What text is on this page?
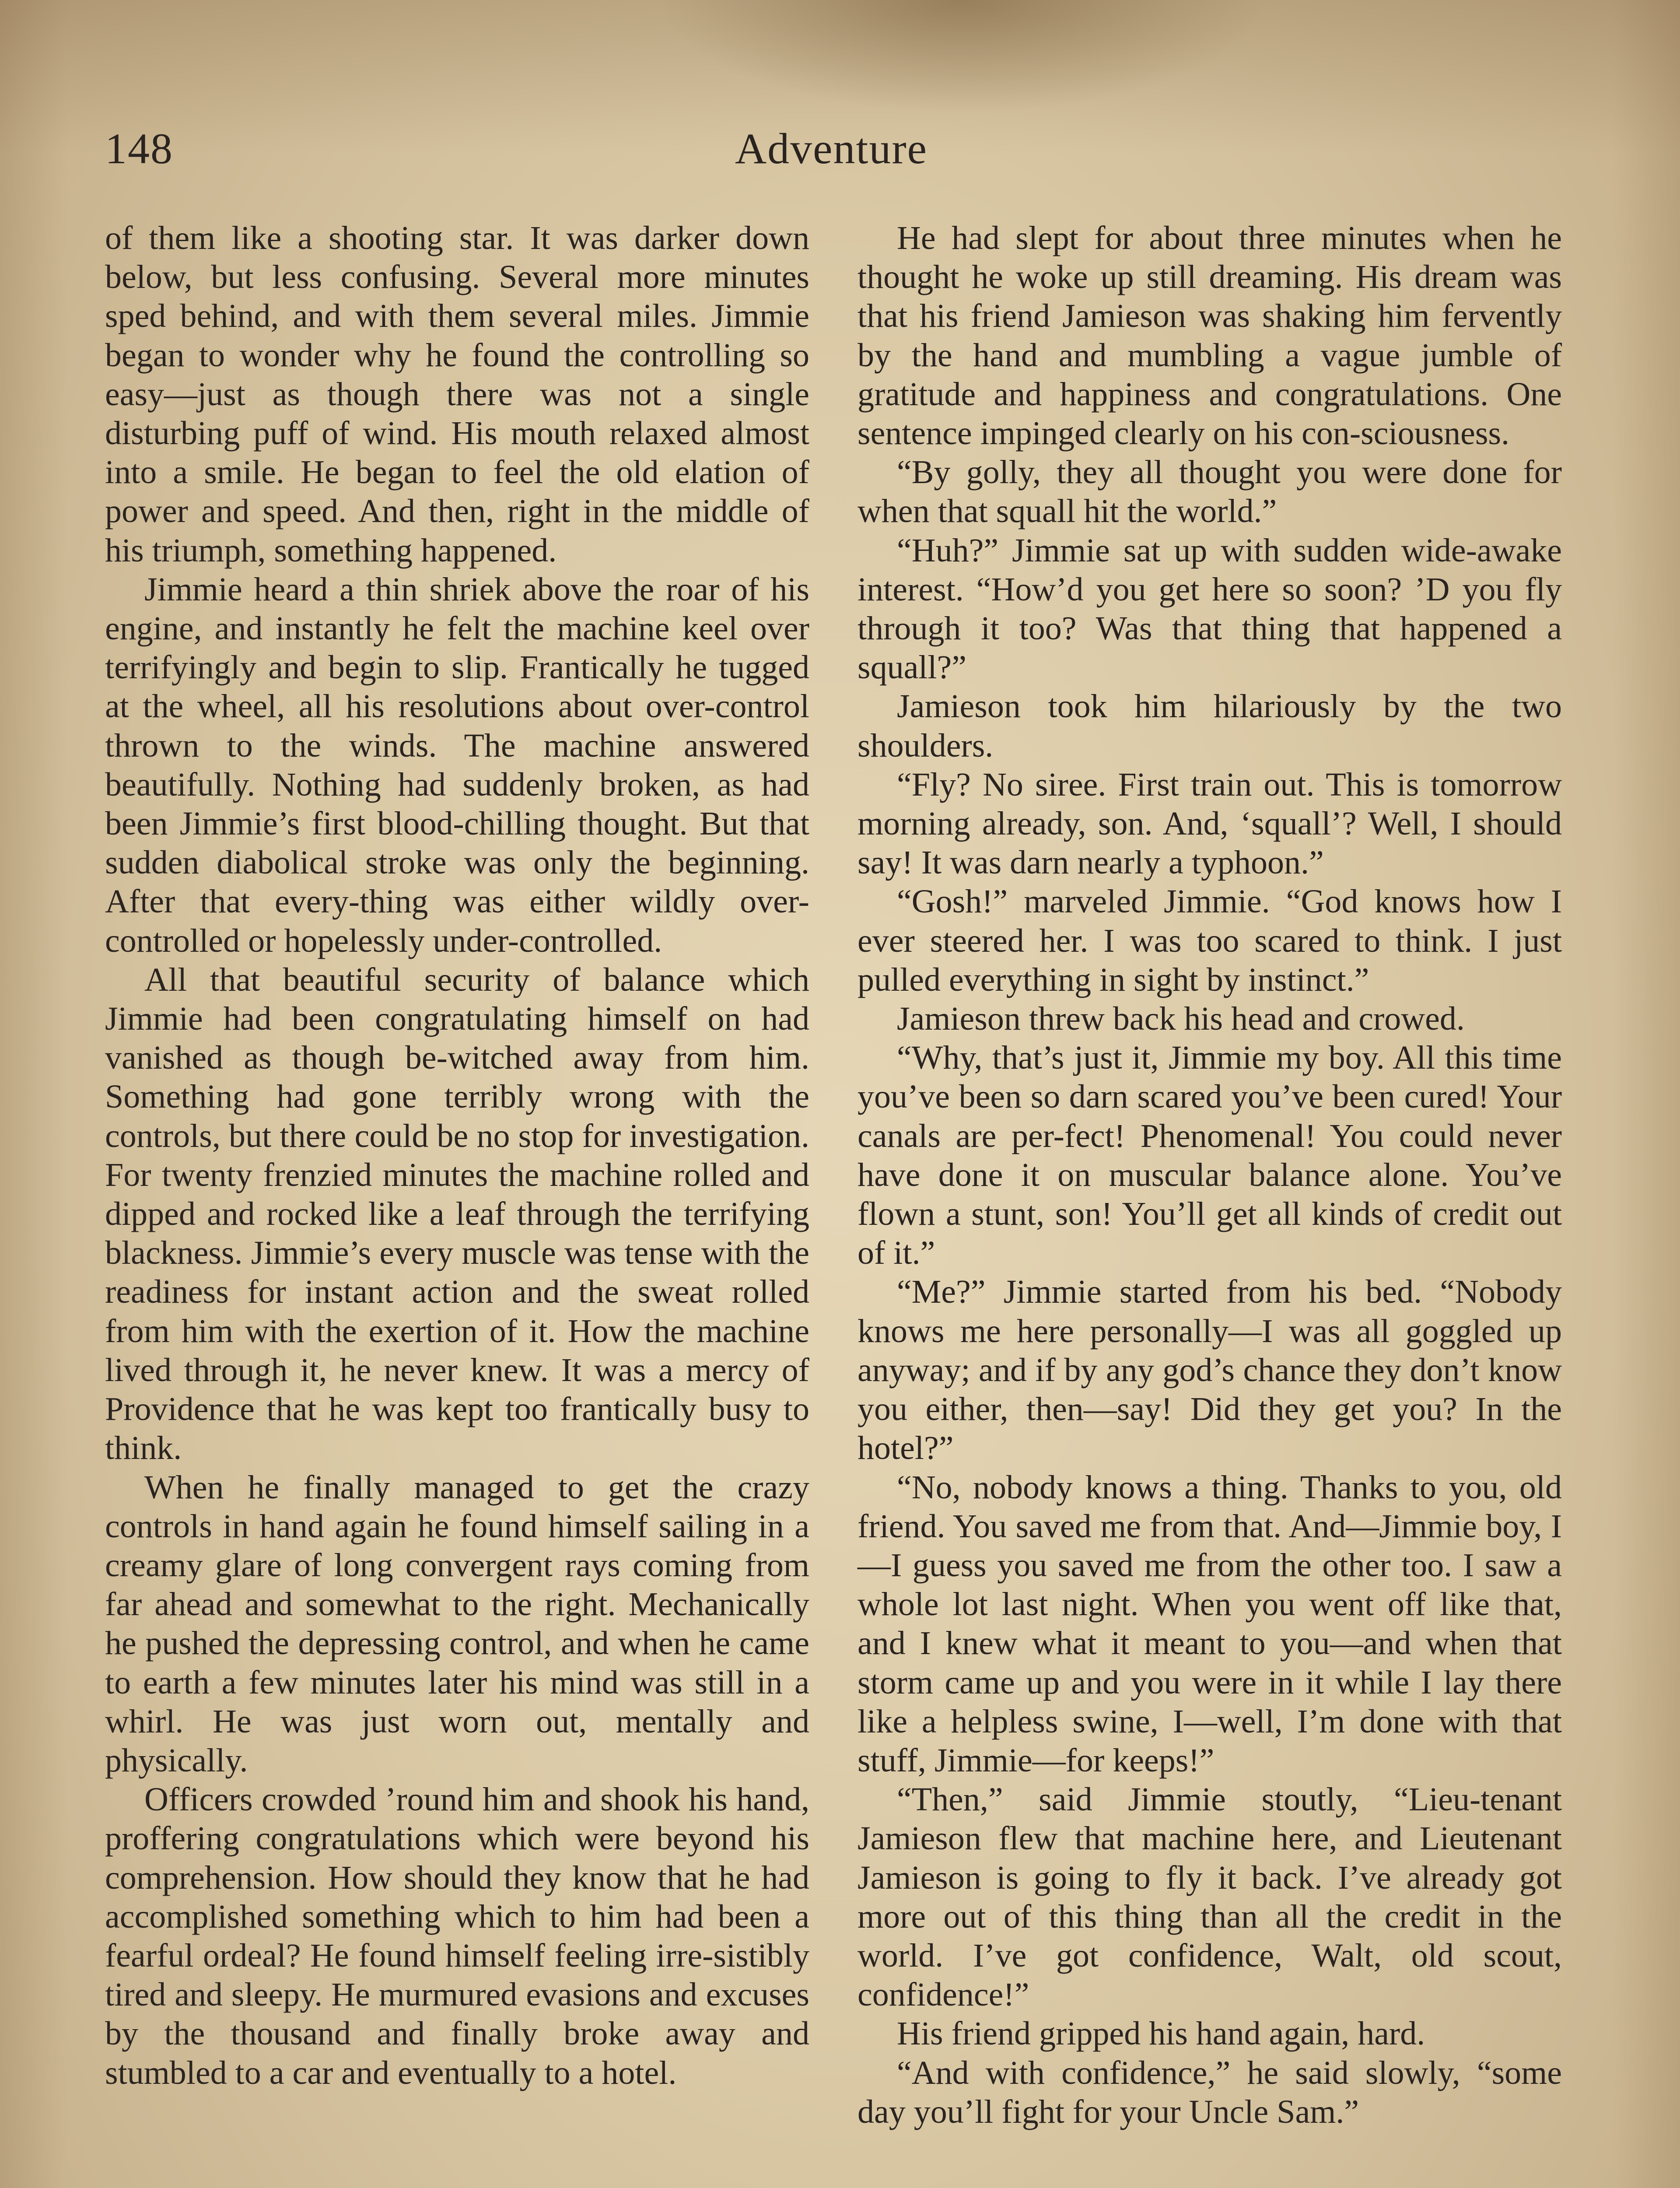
148	Adventure

of them like a shooting star. It was darker down below, but less confusing. Several more minutes sped behind, and with them several miles. Jimmie began to wonder why he found the controlling so easy—just as though there was not a single disturbing puff of wind. His mouth relaxed almost into a smile. He began to feel the old elation of power and speed. And then, right in the middle of his triumph, something happened.

Jimmie heard a thin shriek above the roar of his engine, and instantly he felt the machine keel over terrifyingly and begin to slip. Frantically he tugged at the wheel, all his resolutions about over-control thrown to the winds. The machine answered beautifully. Nothing had suddenly broken, as had been Jimmie’s first blood-chilling thought. But that sudden diabolical stroke was only the beginning. After that every-thing was either wildly over-controlled or hopelessly under-controlled.

All that beautiful security of balance which Jimmie had been congratulating himself on had vanished as though be-witched away from him. Something had gone terribly wrong with the controls, but there could be no stop for investigation. For twenty frenzied minutes the machine rolled and dipped and rocked like a leaf through the terrifying blackness. Jimmie’s every muscle was tense with the readiness for instant action and the sweat rolled from him with the exertion of it. How the machine lived through it, he never knew. It was a mercy of Providence that he was kept too frantically busy to think.

When he finally managed to get the crazy controls in hand again he found himself sailing in a creamy glare of long convergent rays coming from far ahead and somewhat to the right. Mechanically he pushed the depressing control, and when he came to earth a few minutes later his mind was still in a whirl. He was just worn out, mentally and physically.

Officers crowded ’round him and shook his hand, proffering congratulations which were beyond his comprehension. How should they know that he had accomplished something which to him had been a fearful ordeal? He found himself feeling irre-sistibly tired and sleepy. He murmured evasions and excuses by the thousand and finally broke away and stumbled to a car and eventually to a hotel.

He had slept for about three minutes when he thought he woke up still dreaming. His dream was that his friend Jamieson was shaking him fervently by the hand and mumbling a vague jumble of gratitude and happiness and congratulations. One sentence impinged clearly on his con-sciousness.

“By golly, they all thought you were done for when that squall hit the world.”

“Huh?” Jimmie sat up with sudden wide-awake interest. “How’d you get here so soon? ’D you fly through it too? Was that thing that happened a squall?”

Jamieson took him hilariously by the two shoulders.

“Fly? No siree. First train out. This is tomorrow morning already, son. And, ‘squall’? Well, I should say! It was darn nearly a typhoon.”

“Gosh!” marveled Jimmie. “God knows how I ever steered her. I was too scared to think. I just pulled everything in sight by instinct.”

Jamieson threw back his head and crowed.

“Why, that’s just it, Jimmie my boy. All this time you’ve been so darn scared you’ve been cured! Your canals are per-fect! Phenomenal! You could never have done it on muscular balance alone. You’ve flown a stunt, son! You’ll get all kinds of credit out of it.”

“Me?” Jimmie started from his bed. “Nobody knows me here personally—I was all goggled up anyway; and if by any god’s chance they don’t know you either, then—say! Did they get you? In the hotel?”

“No, nobody knows a thing. Thanks to you, old friend. You saved me from that. And—Jimmie boy, I—I guess you saved me from the other too. I saw a whole lot last night. When you went off like that, and I knew what it meant to you—and when that storm came up and you were in it while I lay there like a helpless swine, I—well, I’m done with that stuff, Jimmie—for keeps!”

“Then,” said Jimmie stoutly, “Lieu-tenant Jamieson flew that machine here, and Lieutenant Jamieson is going to fly it back. I’ve already got more out of this thing than all the credit in the world. I’ve got confidence, Walt, old scout, confidence!”

His friend gripped his hand again, hard.

“And with confidence,” he said slowly, “some day you’ll fight for your Uncle Sam.”
